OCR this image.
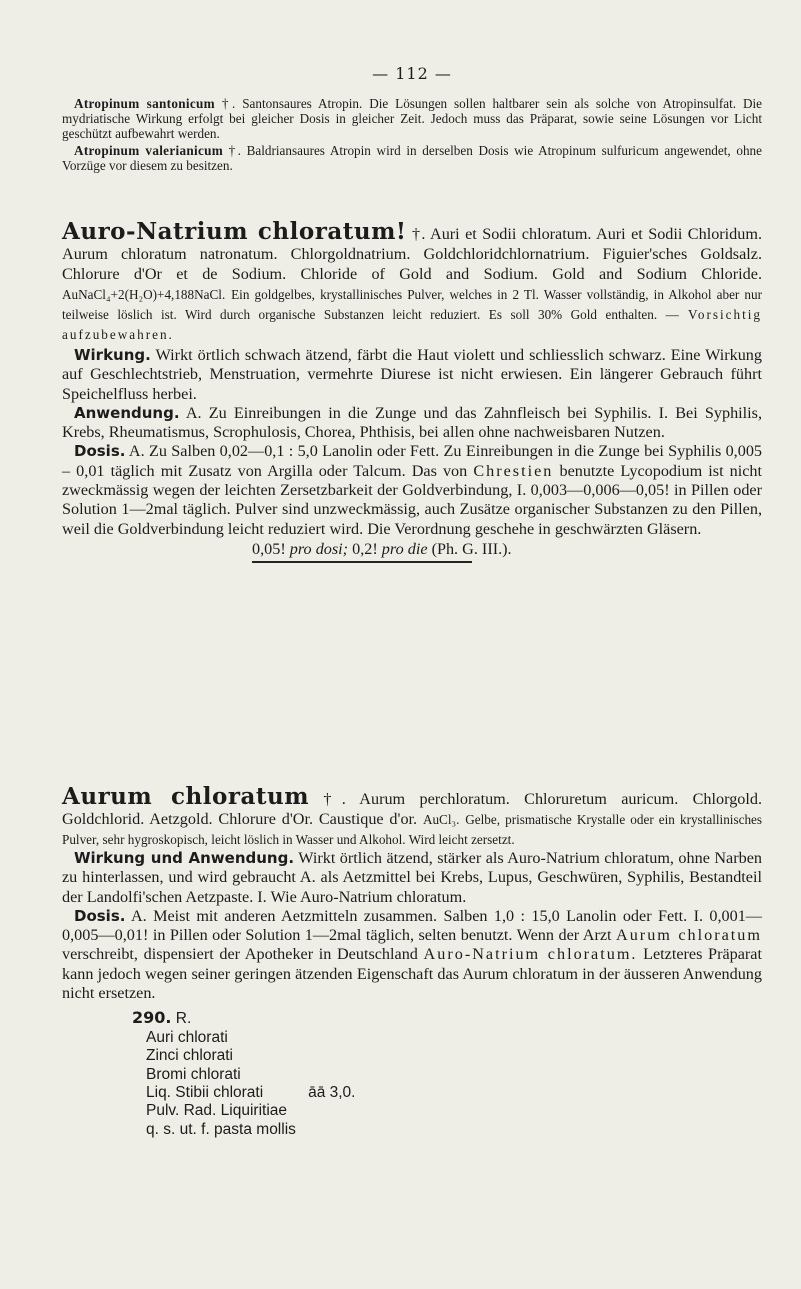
— 112 —

Atropinum santonicum †. Santonsaures Atropin. Die Lösungen sollen haltbarer sein als solche von Atropinsulfat. Die mydriatische Wirkung erfolgt bei gleicher Dosis in gleicher Zeit. Jedoch muss das Präparat, sowie seine Lösungen vor Licht geschützt aufbewahrt werden.

Atropinum valerianicum †. Baldriansaures Atropin wird in derselben Dosis wie Atropinum sulfuricum angewendet, ohne Vorzüge vor diesem zu besitzen.

Auro-Natrium chloratum! †. Auri et Sodii chloratum. Auri et Sodii Chloridum. Aurum chloratum natronatum. Chlorgoldnatrium. Goldchloridchlornatrium. Figuier'sches Goldsalz. Chlorure d'Or et de Sodium. Chloride of Gold and Sodium. Gold and Sodium Chloride. AuNaCl₄+2(H₂O)+4,188NaCl. Ein goldgelbes, krystallinisches Pulver, welches in 2 Tl. Wasser vollständig, in Alkohol aber nur teilweise löslich ist. Wird durch organische Substanzen leicht reduziert. Es soll 30% Gold enthalten. — Vorsichtig aufzubewahren.

Wirkung. Wirkt örtlich schwach ätzend, färbt die Haut violett und schliesslich schwarz. Eine Wirkung auf Geschlechtstrieb, Menstruation, vermehrte Diurese ist nicht erwiesen. Ein längerer Gebrauch führt Speichelfluss herbei.

Anwendung. A. Zu Einreibungen in die Zunge und das Zahnfleisch bei Syphilis. I. Bei Syphilis, Krebs, Rheumatismus, Scrophulosis, Chorea, Phthisis, bei allen ohne nachweisbaren Nutzen.

Dosis. A. Zu Salben 0,02—0,1 : 5,0 Lanolin oder Fett. Zu Einreibungen in die Zunge bei Syphilis 0,005 – 0,01 täglich mit Zusatz von Argilla oder Talcum. Das von Chrestien benutzte Lycopodium ist nicht zweckmässig wegen der leichten Zersetzbarkeit der Goldverbindung, I. 0,003—0,006—0,05! in Pillen oder Solution 1—2mal täglich. Pulver sind unzweckmässig, auch Zusätze organischer Substanzen zu den Pillen, weil die Goldverbindung leicht reduziert wird. Die Verordnung geschehe in geschwärzten Gläsern.

0,05! pro dosi; 0,2! pro die (Ph. G. III.).

Aurum chloratum †. Aurum perchloratum. Chloruretum auricum. Chlorgold. Goldchlorid. Aetzgold. Chlorure d'Or. Caustique d'or. AuCl₃. Gelbe, prismatische Krystalle oder ein krystallinisches Pulver, sehr hygroskopisch, leicht löslich in Wasser und Alkohol. Wird leicht zersetzt.

Wirkung und Anwendung. Wirkt örtlich ätzend, stärker als Auro-Natrium chloratum, ohne Narben zu hinterlassen, und wird gebraucht A. als Aetzmittel bei Krebs, Lupus, Geschwüren, Syphilis, Bestandteil der Landolfi'schen Aetzpaste. I. Wie Auro-Natrium chloratum.

Dosis. A. Meist mit anderen Aetzmitteln zusammen. Salben 1,0 : 15,0 Lanolin oder Fett. I. 0,001—0,005—0,01! in Pillen oder Solution 1—2mal täglich, selten benutzt. Wenn der Arzt Aurum chloratum verschreibt, dispensiert der Apotheker in Deutschland Auro-Natrium chloratum. Letzteres Präparat kann jedoch wegen seiner geringen ätzenden Eigenschaft das Aurum chloratum in der äusseren Anwendung nicht ersetzen.

290. R.
Auri chlorati
Zinci chlorati
Bromi chlorati
Liq. Stibii chlorati	āā 3,0.
Pulv. Rad. Liquiritiae
q. s. ut. f. pasta mollis
